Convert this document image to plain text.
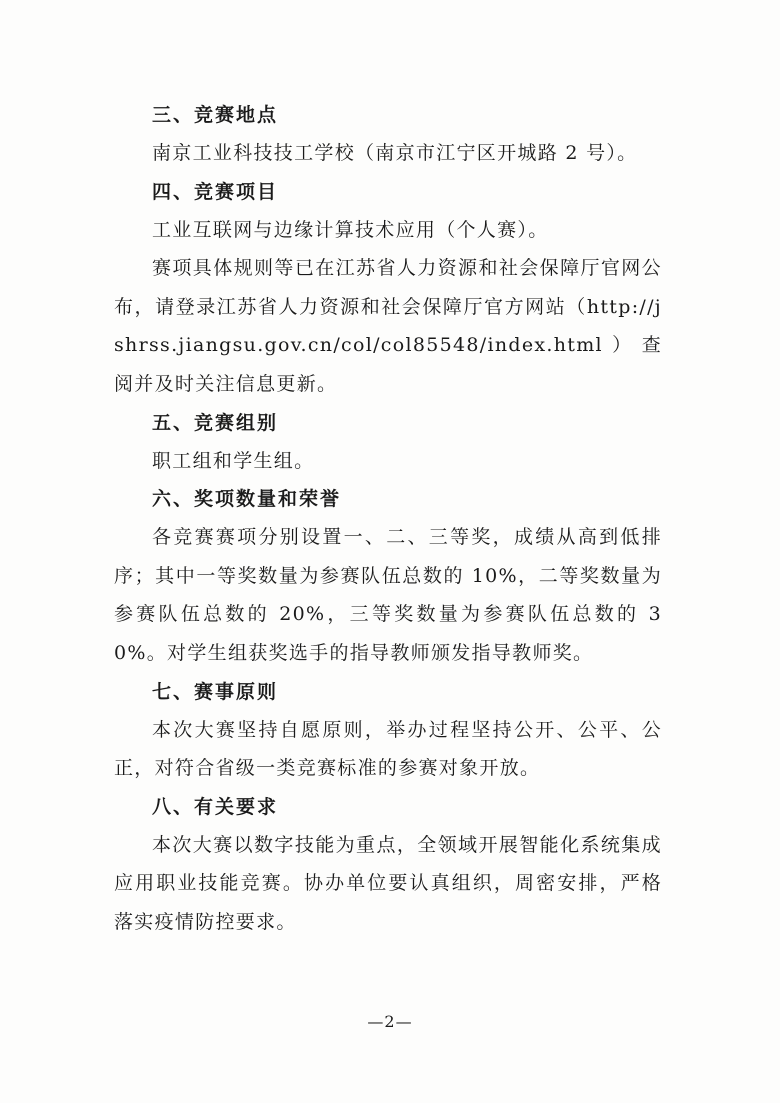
三、竞赛地点

南京工业科技技工学校（南京市江宁区开城路 2 号）。

四、竞赛项目

工业互联网与边缘计算技术应用（个人赛）。

赛项具体规则等已在江苏省人力资源和社会保障厅官网公布，请登录江苏省人力资源和社会保障厅官方网站（http://jshrss.jiangsu.gov.cn/col/col85548/index.html）查阅并及时关注信息更新。

五、竞赛组别

职工组和学生组。

六、奖项数量和荣誉

各竞赛赛项分别设置一、二、三等奖，成绩从高到低排序；其中一等奖数量为参赛队伍总数的 10%，二等奖数量为参赛队伍总数的 20%，三等奖数量为参赛队伍总数的 30%。对学生组获奖选手的指导教师颁发指导教师奖。

七、赛事原则

本次大赛坚持自愿原则，举办过程坚持公开、公平、公正，对符合省级一类竞赛标准的参赛对象开放。

八、有关要求

本次大赛以数字技能为重点，全领域开展智能化系统集成应用职业技能竞赛。协办单位要认真组织，周密安排，严格落实疫情防控要求。

—2—
